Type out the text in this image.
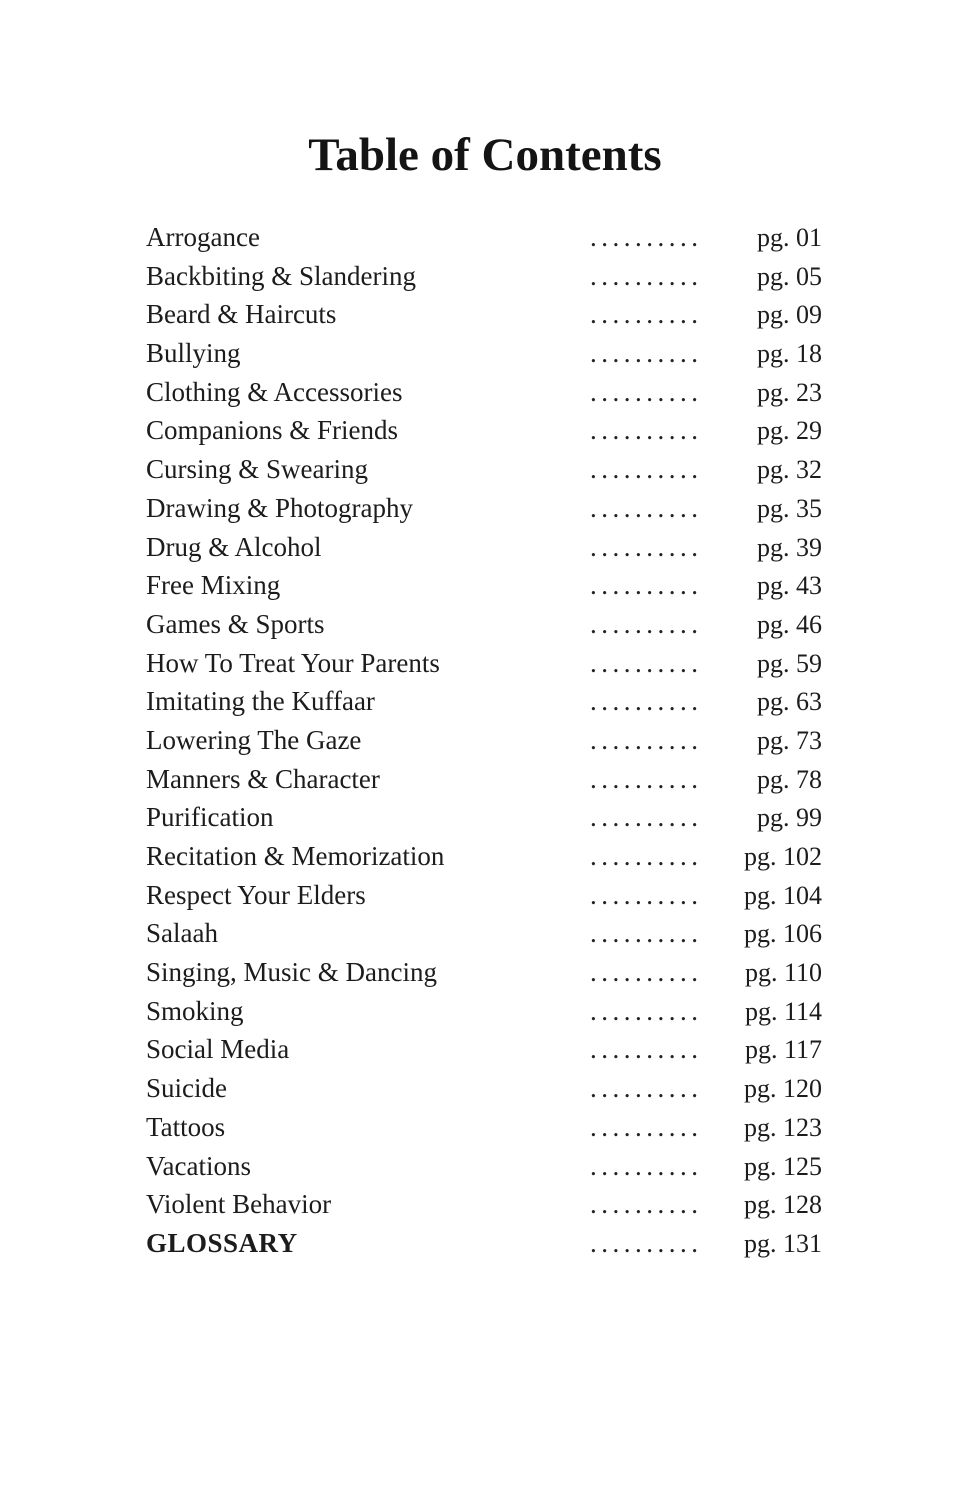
Table of Contents
Arrogance	..........	pg. 01
Backbiting & Slandering	..........	pg. 05
Beard & Haircuts	..........	pg. 09
Bullying	..........	pg. 18
Clothing & Accessories	..........	pg. 23
Companions & Friends	..........	pg. 29
Cursing & Swearing	..........	pg. 32
Drawing & Photography	..........	pg. 35
Drug & Alcohol	..........	pg. 39
Free Mixing	..........	pg. 43
Games & Sports	..........	pg. 46
How To Treat Your Parents	..........	pg. 59
Imitating the Kuffaar	..........	pg. 63
Lowering The Gaze	..........	pg. 73
Manners & Character	..........	pg. 78
Purification	..........	pg. 99
Recitation & Memorization	..........	pg. 102
Respect Your Elders	..........	pg. 104
Salaah	..........	pg. 106
Singing, Music & Dancing	..........	pg. 110
Smoking	..........	pg. 114
Social Media	..........	pg. 117
Suicide	..........	pg. 120
Tattoos	..........	pg. 123
Vacations	..........	pg. 125
Violent Behavior	..........	pg. 128
GLOSSARY	..........	pg. 131
